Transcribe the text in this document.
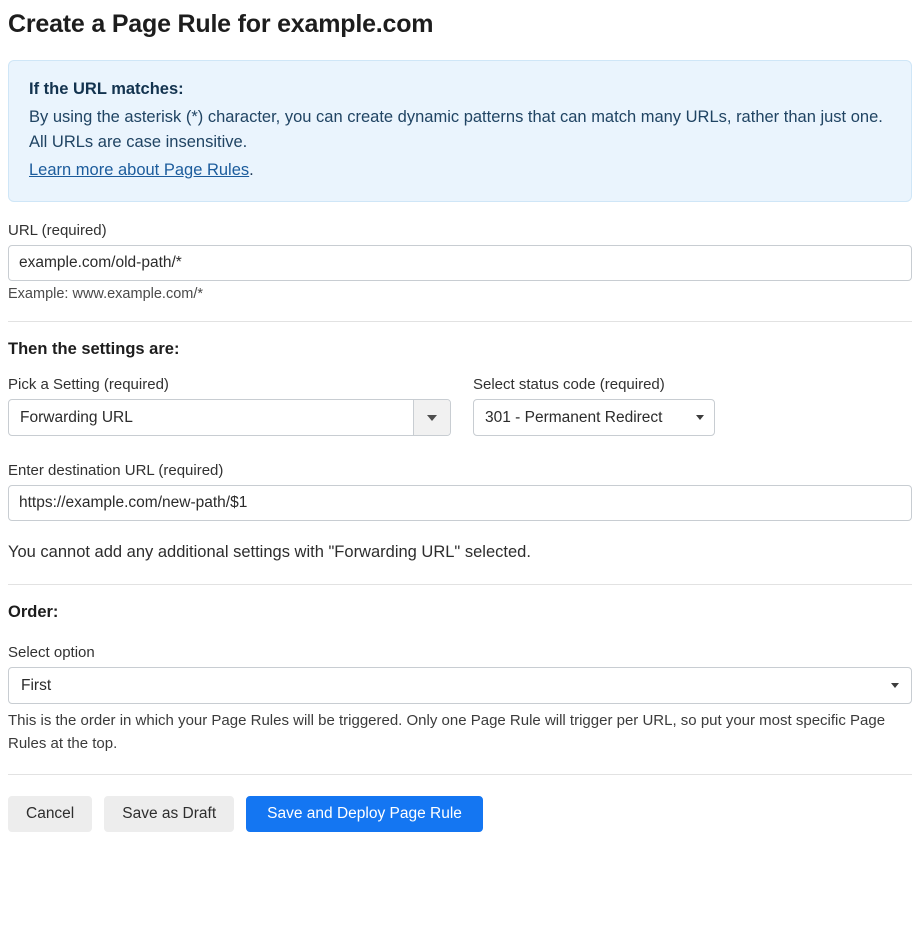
Create a Page Rule for example.com
If the URL matches:
By using the asterisk (*) character, you can create dynamic patterns that can match many URLs, rather than just one. All URLs are case insensitive.
Learn more about Page Rules.
URL (required)
example.com/old-path/*
Example: www.example.com/*
Then the settings are:
Pick a Setting (required)
Forwarding URL
Select status code (required)
301 - Permanent Redirect
Enter destination URL (required)
https://example.com/new-path/$1
You cannot add any additional settings with "Forwarding URL" selected.
Order:
Select option
First
This is the order in which your Page Rules will be triggered. Only one Page Rule will trigger per URL, so put your most specific Page Rules at the top.
Cancel	Save as Draft	Save and Deploy Page Rule
